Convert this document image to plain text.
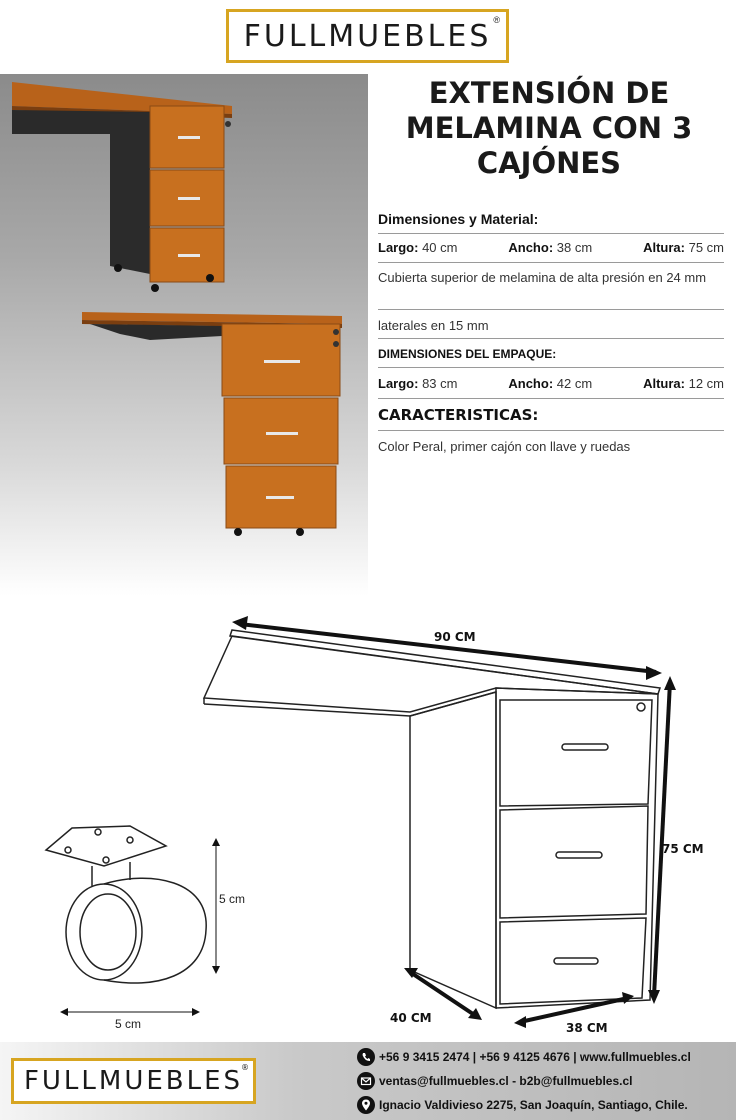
FULLMUEBLES ®
EXTENSIÓN DE MELAMINA CON 3 CAJÓNES
Dimensiones y Material:
Largo: 40 cm	Ancho: 38 cm	Altura: 75 cm
Cubierta superior de melamina de alta presión en 24 mm
laterales en 15 mm
DIMENSIONES DEL EMPAQUE:
Largo: 83 cm	Ancho: 42 cm	Altura: 12 cm
CARACTERISTICAS:
Color Peral, primer cajón con llave y ruedas
90 CM
75 CM
40 CM
38 CM
5 cm
5 cm
FULLMUEBLES
®
+56 9 3415 2474 | +56 9 4125 4676 | www.fullmuebles.cl
ventas@fullmuebles.cl - b2b@fullmuebles.cl
Ignacio Valdivieso 2275, San Joaquín, Santiago, Chile.
